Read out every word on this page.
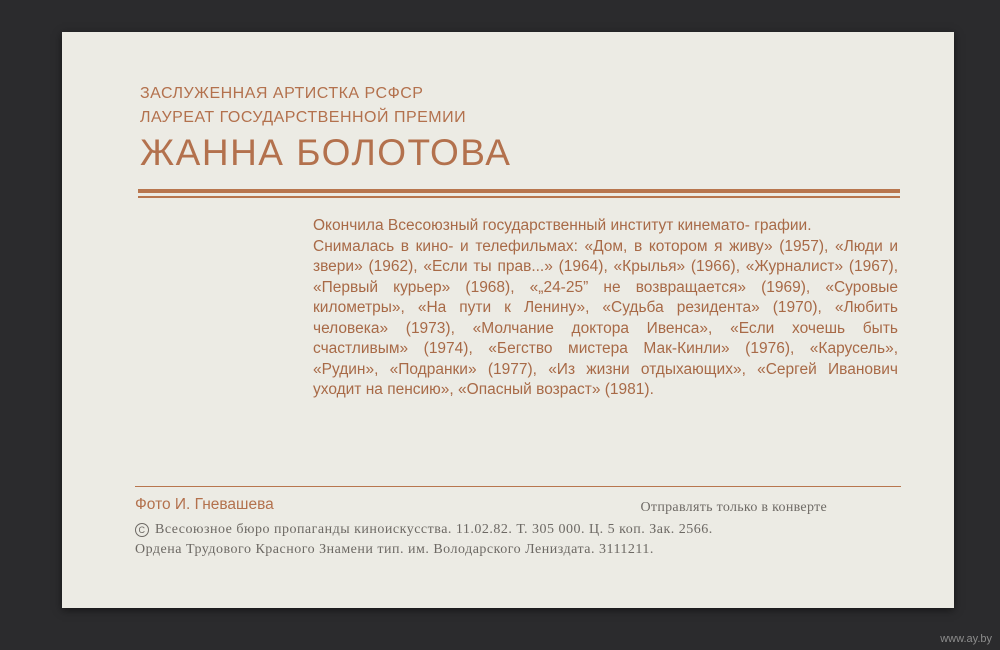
ЗАСЛУЖЕННАЯ АРТИСТКА РСФСР
ЛАУРЕАТ ГОСУДАРСТВЕННОЙ ПРЕМИИ
ЖАННА БОЛОТОВА

Окончила Всесоюзный государственный институт кинемато- графии.

Снималась в кино- и телефильмах: «Дом, в котором я живу» (1957), «Люди и звери» (1962), «Если ты прав...» (1964), «Крылья» (1966), «Журналист» (1967), «Первый курьер» (1968), «„24-25” не возвращается» (1969), «Суровые километры», «На пути к Ленину», «Судьба резидента» (1970), «Любить человека» (1973), «Молчание доктора Ивенса», «Если хочешь быть счастливым» (1974), «Бегство мистера Мак-Кинли» (1976), «Карусель», «Рудин», «Подранки» (1977), «Из жизни отдыхающих», «Сергей Иванович уходит на пенсию», «Опасный возраст» (1981).

Фото И. Гневашева	Отправлять только в конверте
С Всесоюзное бюро пропаганды киноискусства. 11.02.82. Т. 305 000. Ц. 5 коп. Зак. 2566.
Ордена Трудового Красного Знамени тип. им. Володарского Лениздата. 3111211.
www.ay.by
